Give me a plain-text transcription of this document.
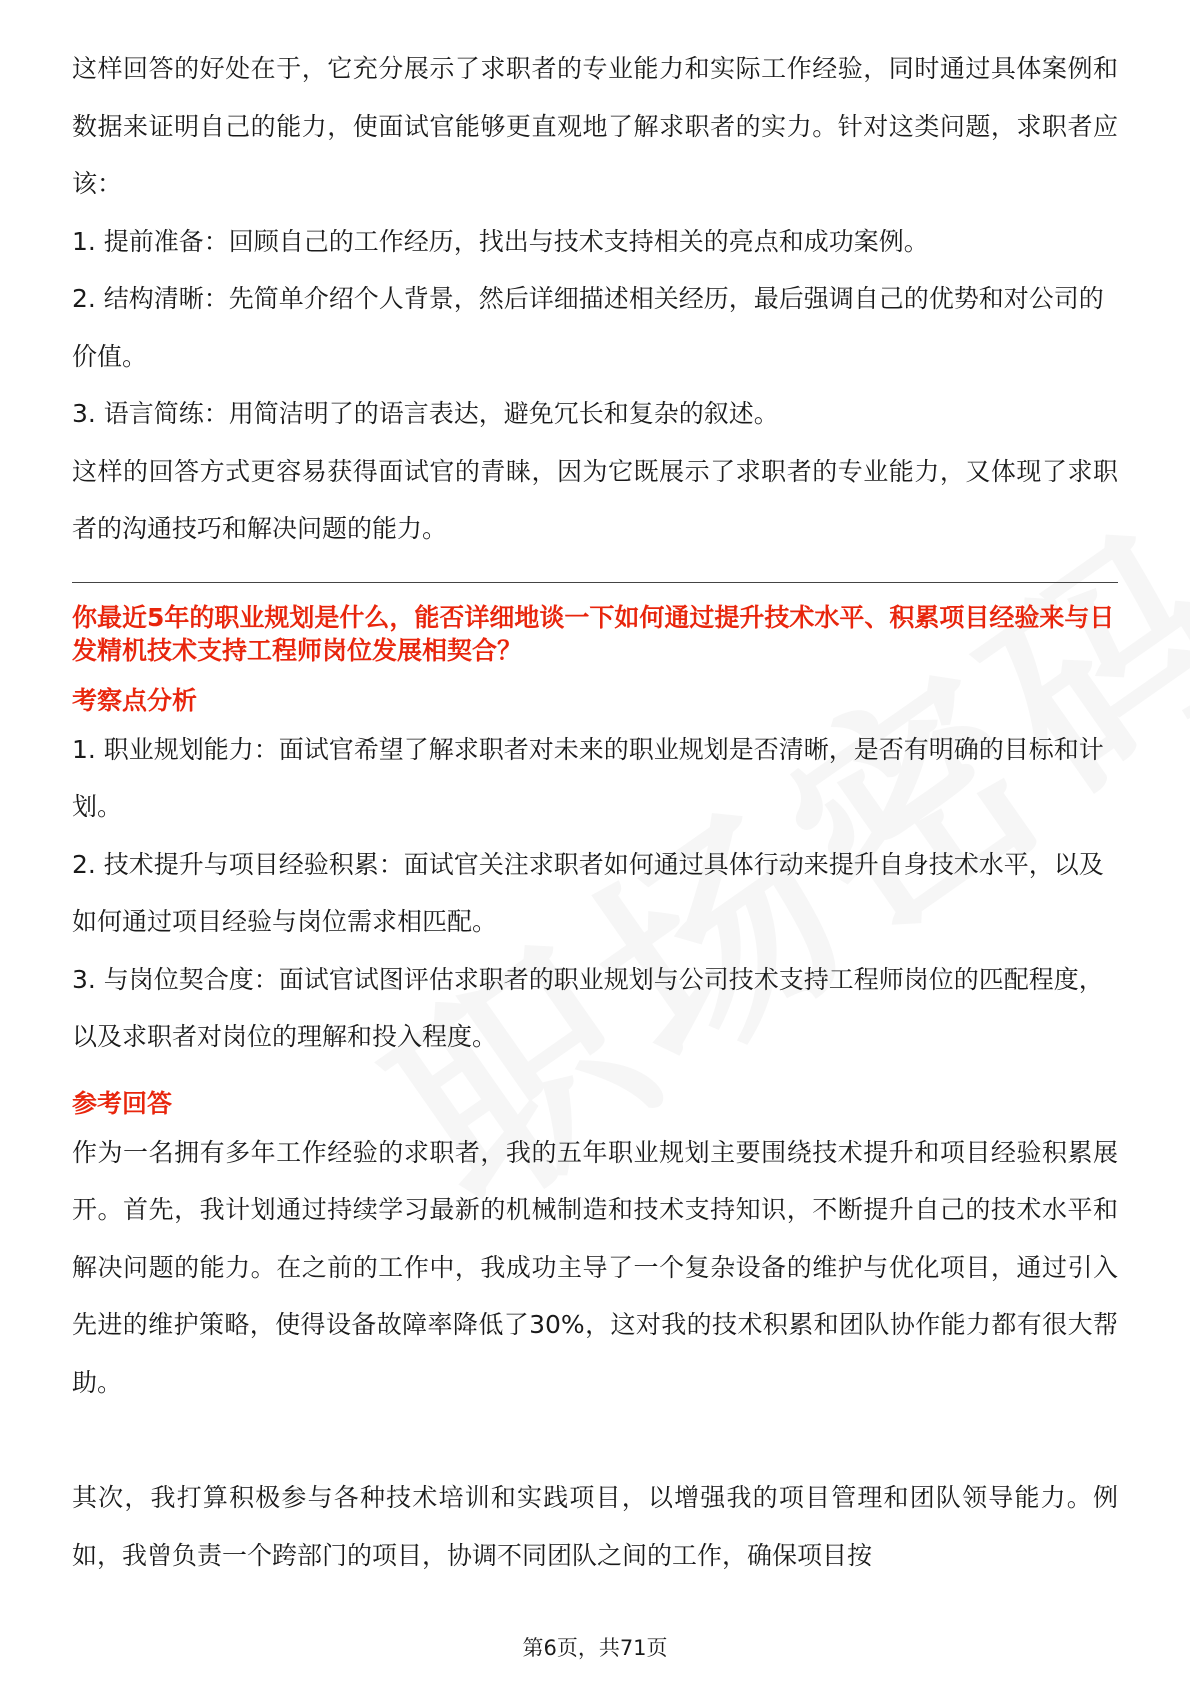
这样回答的好处在于，它充分展示了求职者的专业能力和实际工作经验，同时通过具体案例和数据来证明自己的能力，使面试官能够更直观地了解求职者的实力。针对这类问题，求职者应该：

1. 提前准备：回顾自己的工作经历，找出与技术支持相关的亮点和成功案例。

2. 结构清晰：先简单介绍个人背景，然后详细描述相关经历，最后强调自己的优势和对公司的价值。

3. 语言简练：用简洁明了的语言表达，避免冗长和复杂的叙述。

这样的回答方式更容易获得面试官的青睐，因为它既展示了求职者的专业能力，又体现了求职者的沟通技巧和解决问题的能力。

你最近5年的职业规划是什么，能否详细地谈一下如何通过提升技术水平、积累项目经验来与日发精机技术支持工程师岗位发展相契合？

考察点分析

1. 职业规划能力：面试官希望了解求职者对未来的职业规划是否清晰，是否有明确的目标和计划。

2. 技术提升与项目经验积累：面试官关注求职者如何通过具体行动来提升自身技术水平，以及如何通过项目经验与岗位需求相匹配。

3. 与岗位契合度：面试官试图评估求职者的职业规划与公司技术支持工程师岗位的匹配程度，以及求职者对岗位的理解和投入程度。

参考回答

作为一名拥有多年工作经验的求职者，我的五年职业规划主要围绕技术提升和项目经验积累展开。首先，我计划通过持续学习最新的机械制造和技术支持知识，不断提升自己的技术水平和解决问题的能力。在之前的工作中，我成功主导了一个复杂设备的维护与优化项目，通过引入先进的维护策略，使得设备故障率降低了30%，这对我的技术积累和团队协作能力都有很大帮助。

其次，我打算积极参与各种技术培训和实践项目，以增强我的项目管理和团队领导能力。例如，我曾负责一个跨部门的项目，协调不同团队之间的工作，确保项目按

第6页，共71页
